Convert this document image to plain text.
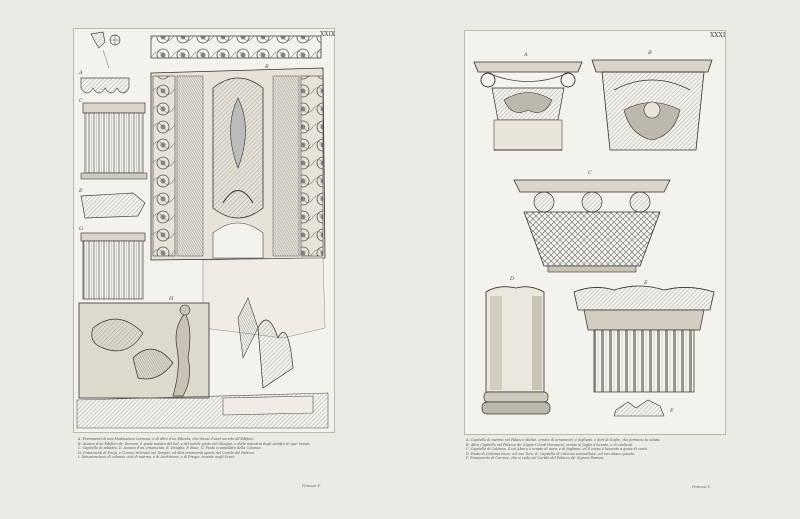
XXIX
A
B
C
E
G
H

A. Frammenti di una Modinatura Corinzia, e di altre d'un Edicola, che dicesi d'aver servito all'Edificio.

B. Avanzo d'un Edificio de' Romani, il quale mostra del bel, e del nobile gusto del disegno, e della maestria degli Artefici di que' tempi.

C. Capitello di pilastro, D. Avanzo d'un ornamento, E. Intaglio, F. Base, G. Fusto scannellato della Colonna.

H. Frammenti di Fregi, e Cornici ritrovati nel Tempio, ed altri ornamenti sparsi nel Cortile del Palazzo.

I. Dimostrazione di colonne cioè di marmo, e di Architrave, e di Fregio, trovate negli Scavi.

Piranesi F.
XXXI
A	B
C
D
E
F

A. Capitello di marmo nel Palazzo Mattei, ornato di ornamenti, e fogliami, e fiori di Giglio, che formano la voluta.

B. Altro Capitello nel Palazzo de' Signori Conti Fomasoni, ornato di foglie d'Acanto, e di caulicoli.

C. Capitello di Colonna, il cui Abaco è ornato di uova, e di fogliami, ed il corpo è lavorato a guisa di cesto.

D. Fusto di Colonna liscio, col suo Toro, E. Capitello di Colonna scannellata, col suo Abaco guasto.

F. Frammento di Cornice, che si vede nel Cortile del Palazzo de' Signori Farnesi.

Piranesi F.
